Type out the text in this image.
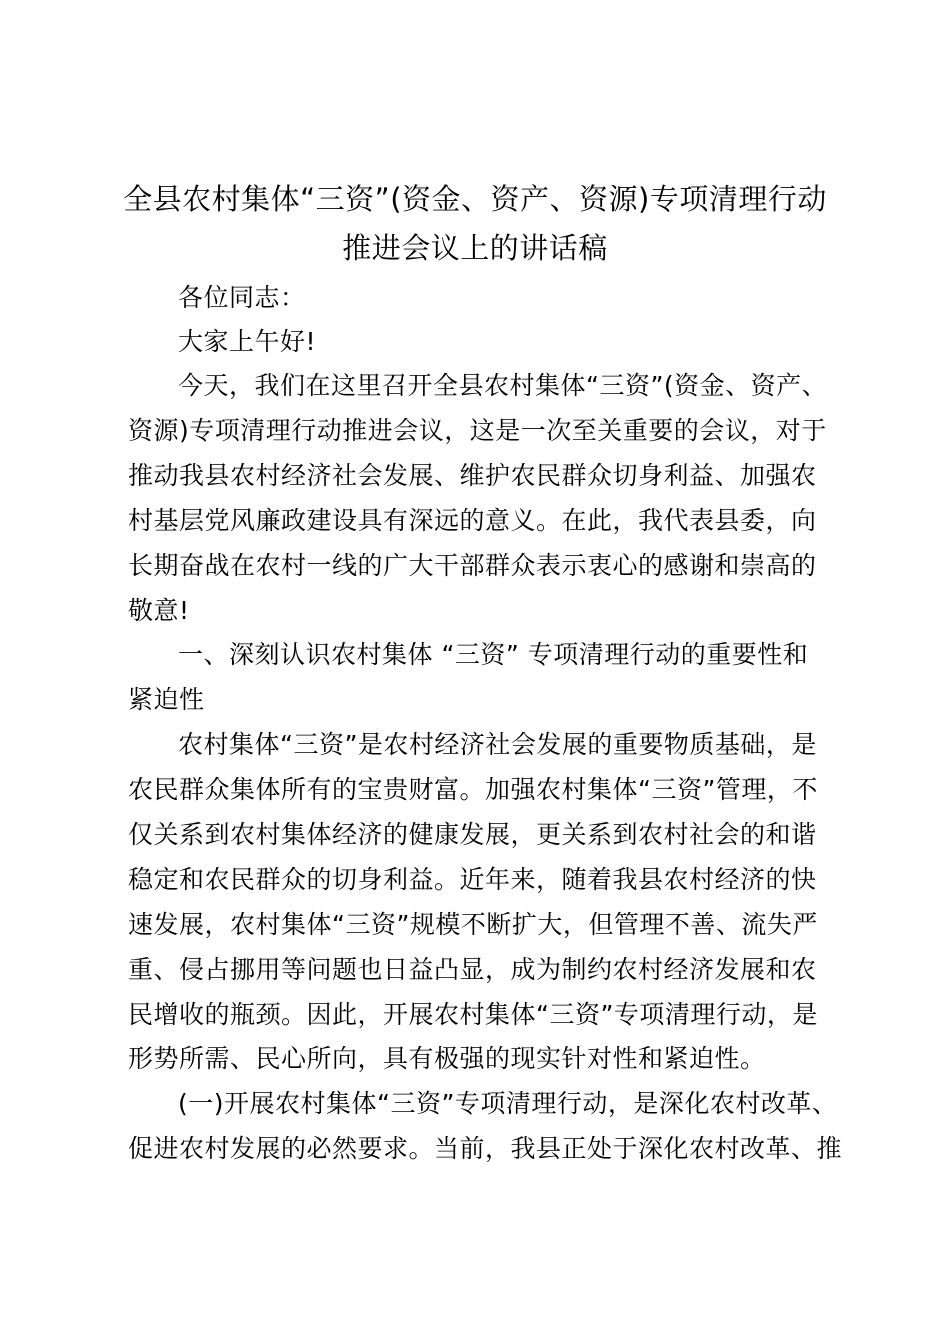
全县农村集体“三资”(资金、资产、资源)专项清理行动
推进会议上的讲话稿
各位同志：
大家上午好!
今天，我们在这里召开全县农村集体“三资”(资金、资产、
资源)专项清理行动推进会议，这是一次至关重要的会议，对于
推动我县农村经济社会发展、维护农民群众切身利益、加强农
村基层党风廉政建设具有深远的意义。在此，我代表县委，向
长期奋战在农村一线的广大干部群众表示衷心的感谢和崇高的
敬意!
一、深刻认识农村集体 “三资” 专项清理行动的重要性和
紧迫性
农村集体“三资”是农村经济社会发展的重要物质基础，是
农民群众集体所有的宝贵财富。加强农村集体“三资”管理，不
仅关系到农村集体经济的健康发展，更关系到农村社会的和谐
稳定和农民群众的切身利益。近年来，随着我县农村经济的快
速发展，农村集体“三资”规模不断扩大，但管理不善、流失严
重、侵占挪用等问题也日益凸显，成为制约农村经济发展和农
民增收的瓶颈。因此，开展农村集体“三资”专项清理行动，是
形势所需、民心所向，具有极强的现实针对性和紧迫性。
(一)开展农村集体“三资”专项清理行动，是深化农村改革、
促进农村发展的必然要求。当前，我县正处于深化农村改革、推
